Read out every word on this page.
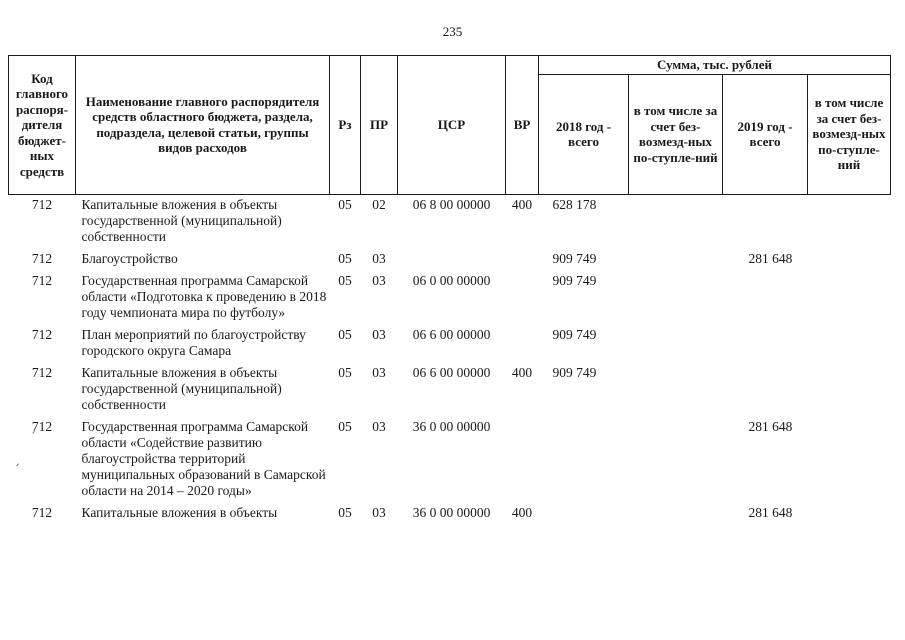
235
Код главного распоря-дителя бюджет-ных средств	Наименование главного распорядителя средств областного бюджета, раздела, подраздела, целевой статьи, группы видов расходов	Рз	ПР	ЦСР	ВР	Сумма, тыс. рублей			
						2018 год - всего	в том числе за счет без-возмезд-ных по-ступле-ний	2019 год - всего	в том числе за счет без-возмезд-ных по-ступле-ний
712	Капитальные вложения в объекты государственной (муниципальной) собственности	05	02	06 8 00 00000	400	628 178			
712	Благоустройство	05	03			909 749		281 648	
712	Государственная программа Самарской области «Подготовка к проведению в 2018 году чемпионата мира по футболу»	05	03	06 0 00 00000		909 749			
712	План мероприятий по благоустройству городского округа Самара	05	03	06 6 00 00000		909 749			
712	Капитальные вложения в объекты государственной (муниципальной) собственности	05	03	06 6 00 00000	400	909 749			
712	Государственная программа Самарской области «Содействие развитию благоустройства территорий муниципальных образований в Самарской области на 2014 – 2020 годы»	05	03	36 0 00 00000				281 648	
712	Капитальные вложения в объекты	05	03	36 0 00 00000	400			281 648	
ˊ
ˏ
